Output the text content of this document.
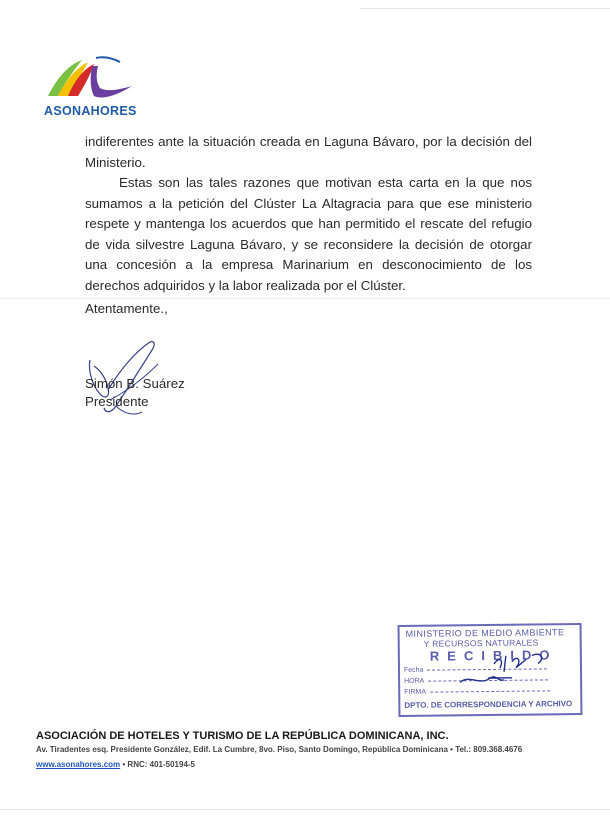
ASONAHORES

indiferentes ante la situación creada en Laguna Bávaro, por la decisión del Ministerio.

Estas son las tales razones que motivan esta carta en la que nos sumamos a la petición del Clúster La Altagracia para que ese ministerio respete y mantenga los acuerdos que han permitido el rescate del refugio de vida silvestre Laguna Bávaro, y se reconsidere la decisión de otorgar una concesión a la empresa Marinarium en desconocimiento de los derechos adquiridos y la labor realizada por el Clúster.

Atentamente.,
Simón B. Suárez
Presidente
MINISTERIO DE MEDIO AMBIENTE
Y RECURSOS NATURALES
RECIBIDO
Fecha
HORA
FIRMA
DPTO. DE CORRESPONDENCIA Y ARCHIVO
ASOCIACIÓN DE HOTELES Y TURISMO DE LA REPÚBLICA DOMINICANA, INC.
Av. Tiradentes esq. Presidente González, Edif. La Cumbre, 8vo. Piso, Santo Domingo, República Dominicana • Tel.: 809.368.4676
www.asonahores.com • RNC: 401-50194-5
